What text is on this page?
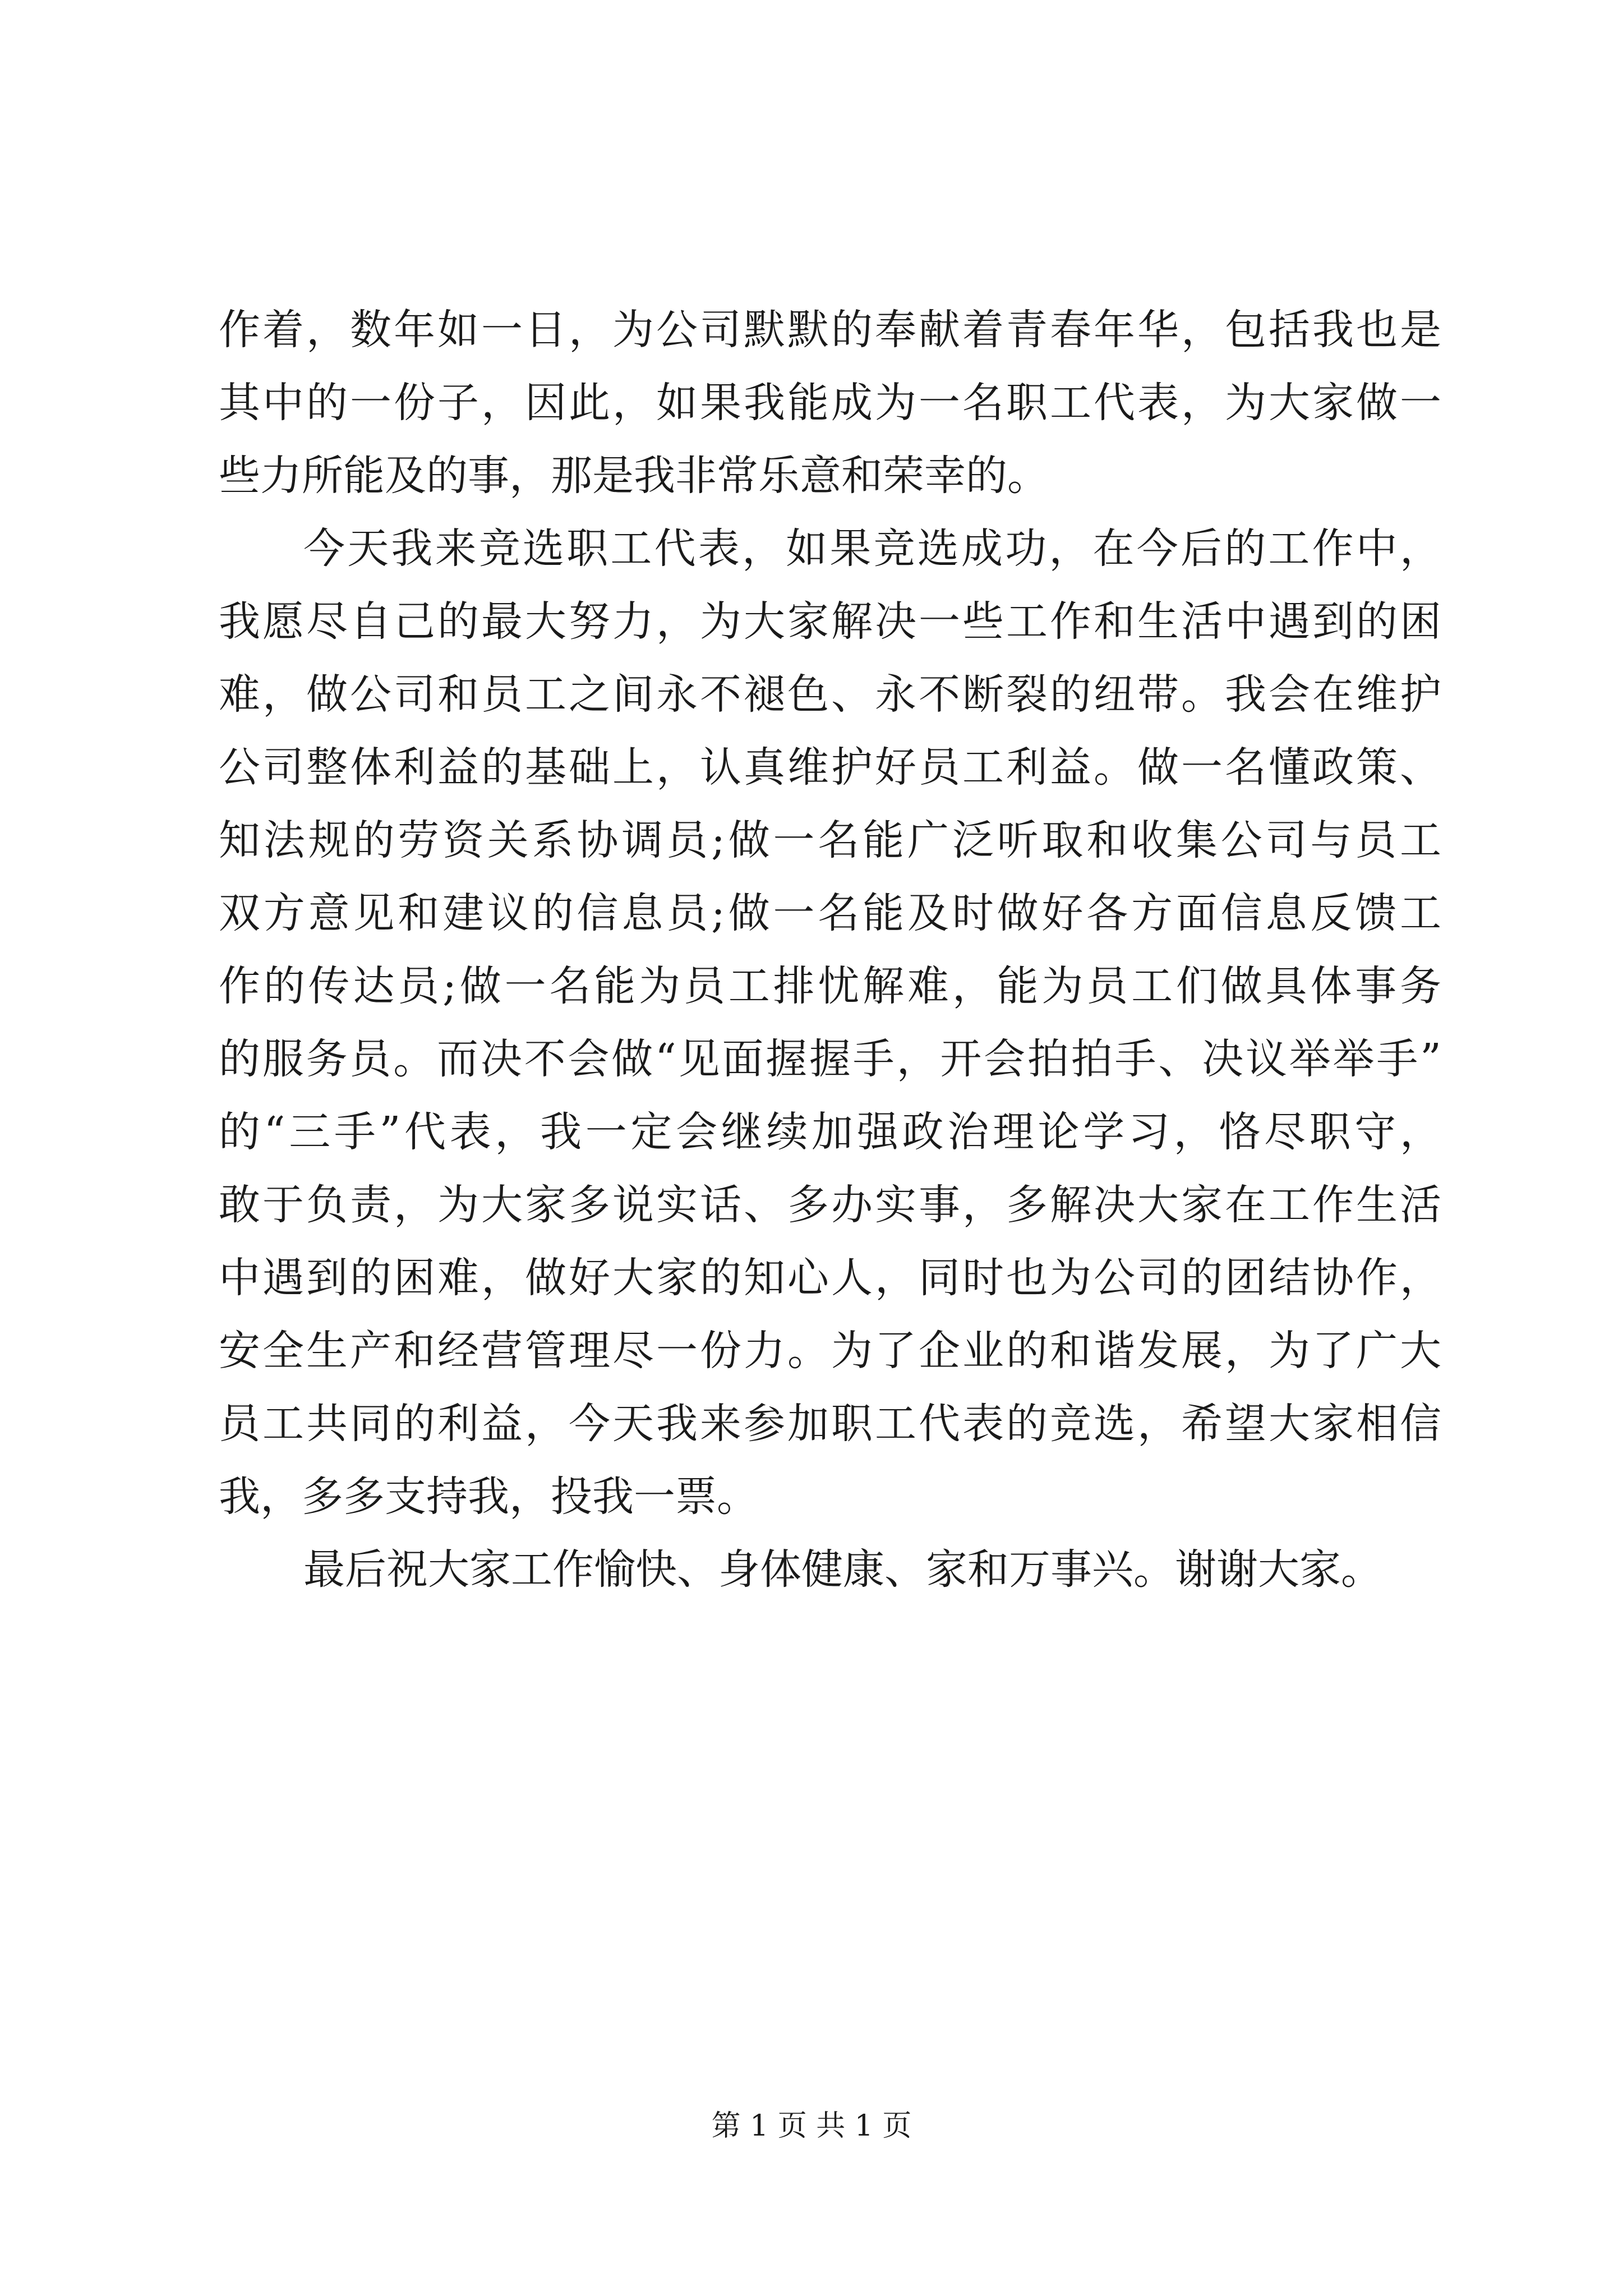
作着，数年如一日，为公司默默的奉献着青春年华，包括我也是
其中的一份子，因此，如果我能成为一名职工代表，为大家做一
些力所能及的事，那是我非常乐意和荣幸的。
今天我来竞选职工代表，如果竞选成功，在今后的工作中，
我愿尽自己的最大努力，为大家解决一些工作和生活中遇到的困
难，做公司和员工之间永不褪色、永不断裂的纽带。我会在维护
公司整体利益的基础上，认真维护好员工利益。做一名懂政策、
知法规的劳资关系协调员;做一名能广泛听取和收集公司与员工
双方意见和建议的信息员;做一名能及时做好各方面信息反馈工
作的传达员;做一名能为员工排忧解难，能为员工们做具体事务
的服务员。而决不会做“见面握握手，开会拍拍手、决议举举手”
的“三手”代表，我一定会继续加强政治理论学习，恪尽职守，
敢于负责，为大家多说实话、多办实事，多解决大家在工作生活
中遇到的困难，做好大家的知心人，同时也为公司的团结协作，
安全生产和经营管理尽一份力。为了企业的和谐发展，为了广大
员工共同的利益，今天我来参加职工代表的竞选，希望大家相信
我，多多支持我，投我一票。
最后祝大家工作愉快、身体健康、家和万事兴。谢谢大家。
第 1 页 共 1 页
